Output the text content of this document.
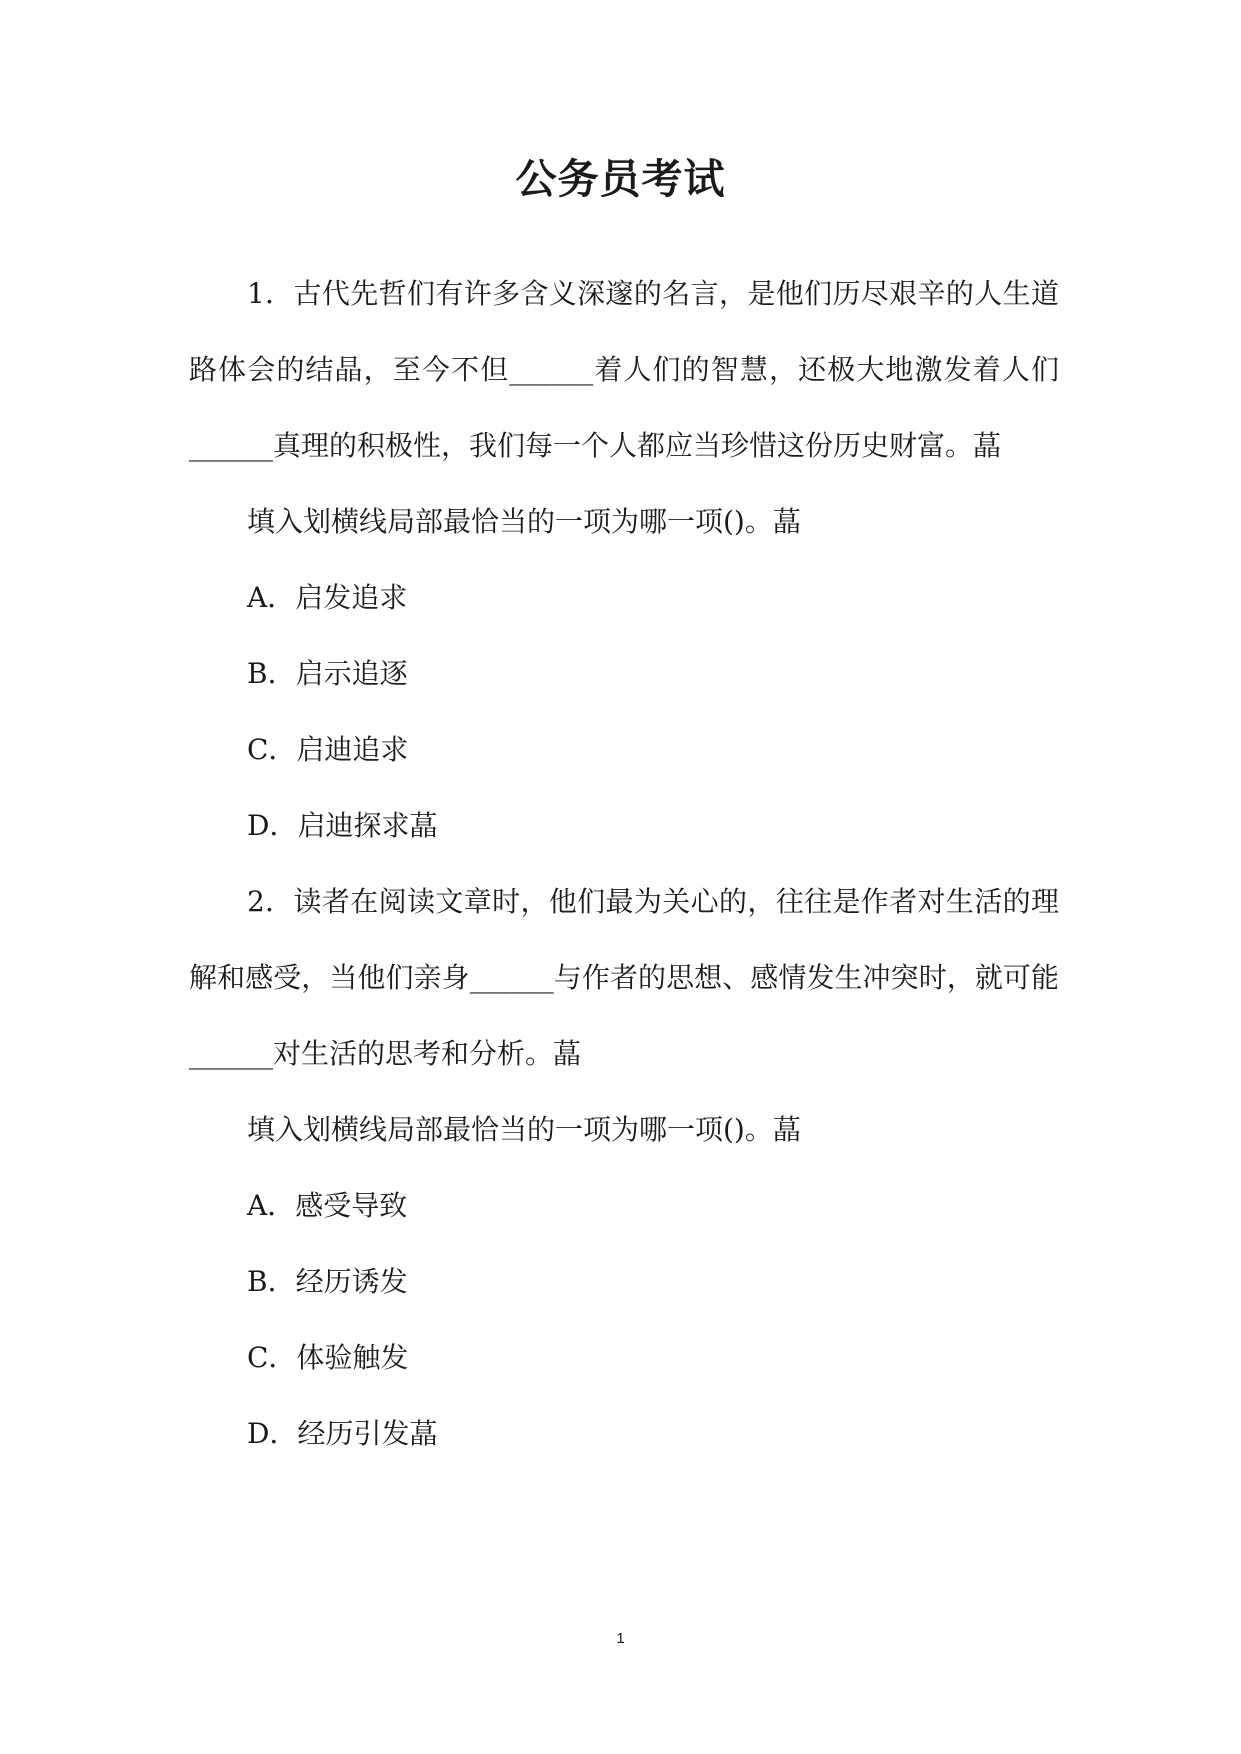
公务员考试

1．古代先哲们有许多含义深邃的名言，是他们历尽艰辛的人生道路体会的结晶，至今不但______着人们的智慧，还极大地激发着人们______真理的积极性，我们每一个人都应当珍惜这份历史财富。蕌

填入划横线局部最恰当的一项为哪一项()。蕌

A．启发追求

B．启示追逐

C．启迪追求

D．启迪探求蕌

2．读者在阅读文章时，他们最为关心的，往往是作者对生活的理解和感受，当他们亲身______与作者的思想、感情发生冲突时，就可能______对生活的思考和分析。蕌

填入划横线局部最恰当的一项为哪一项()。蕌

A．感受导致

B．经历诱发

C．体验触发

D．经历引发蕌

1
